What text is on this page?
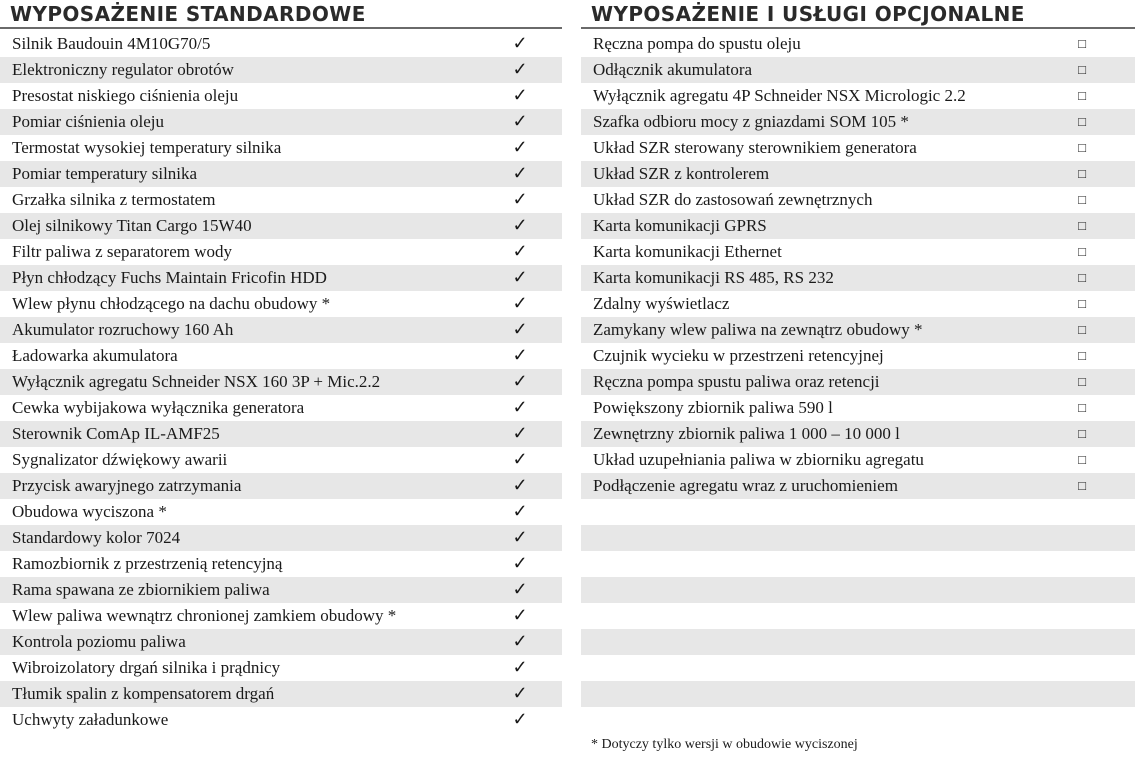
WYPOSAŻENIE STANDARDOWE
Silnik Baudouin 4M10G70/5	✓
Elektroniczny regulator obrotów	✓
Presostat niskiego ciśnienia oleju	✓
Pomiar ciśnienia oleju	✓
Termostat wysokiej temperatury silnika	✓
Pomiar temperatury silnika	✓
Grzałka silnika z termostatem	✓
Olej silnikowy Titan Cargo 15W40	✓
Filtr paliwa z separatorem wody	✓
Płyn chłodzący Fuchs Maintain Fricofin HDD	✓
Wlew płynu chłodzącego na dachu obudowy *	✓
Akumulator rozruchowy 160 Ah	✓
Ładowarka akumulatora	✓
Wyłącznik agregatu Schneider NSX 160 3P + Mic.2.2	✓
Cewka wybijakowa wyłącznika generatora	✓
Sterownik ComAp IL-AMF25	✓
Sygnalizator dźwiękowy awarii	✓
Przycisk awaryjnego zatrzymania	✓
Obudowa wyciszona *	✓
Standardowy kolor 7024	✓
Ramozbiornik z przestrzenią retencyjną	✓
Rama spawana ze zbiornikiem paliwa	✓
Wlew paliwa wewnątrz chronionej zamkiem obudowy *	✓
Kontrola poziomu paliwa	✓
Wibroizolatory drgań silnika i prądnicy	✓
Tłumik spalin z kompensatorem drgań	✓
Uchwyty załadunkowe	✓
WYPOSAŻENIE I USŁUGI OPCJONALNE
Ręczna pompa do spustu oleju	□
Odłącznik akumulatora	□
Wyłącznik agregatu 4P Schneider NSX Micrologic 2.2	□
Szafka odbioru mocy z gniazdami SOM 105 *	□
Układ SZR sterowany sterownikiem generatora	□
Układ SZR z kontrolerem	□
Układ SZR do zastosowań zewnętrznych	□
Karta komunikacji GPRS	□
Karta komunikacji Ethernet	□
Karta komunikacji RS 485, RS 232	□
Zdalny wyświetlacz	□
Zamykany wlew paliwa na zewnątrz obudowy *	□
Czujnik wycieku w przestrzeni retencyjnej	□
Ręczna pompa spustu paliwa oraz retencji	□
Powiększony zbiornik paliwa 590 l	□
Zewnętrzny zbiornik paliwa 1 000 – 10 000 l	□
Układ uzupełniania paliwa w zbiorniku agregatu	□
Podłączenie agregatu wraz z uruchomieniem	□
* Dotyczy tylko wersji w obudowie wyciszonej
